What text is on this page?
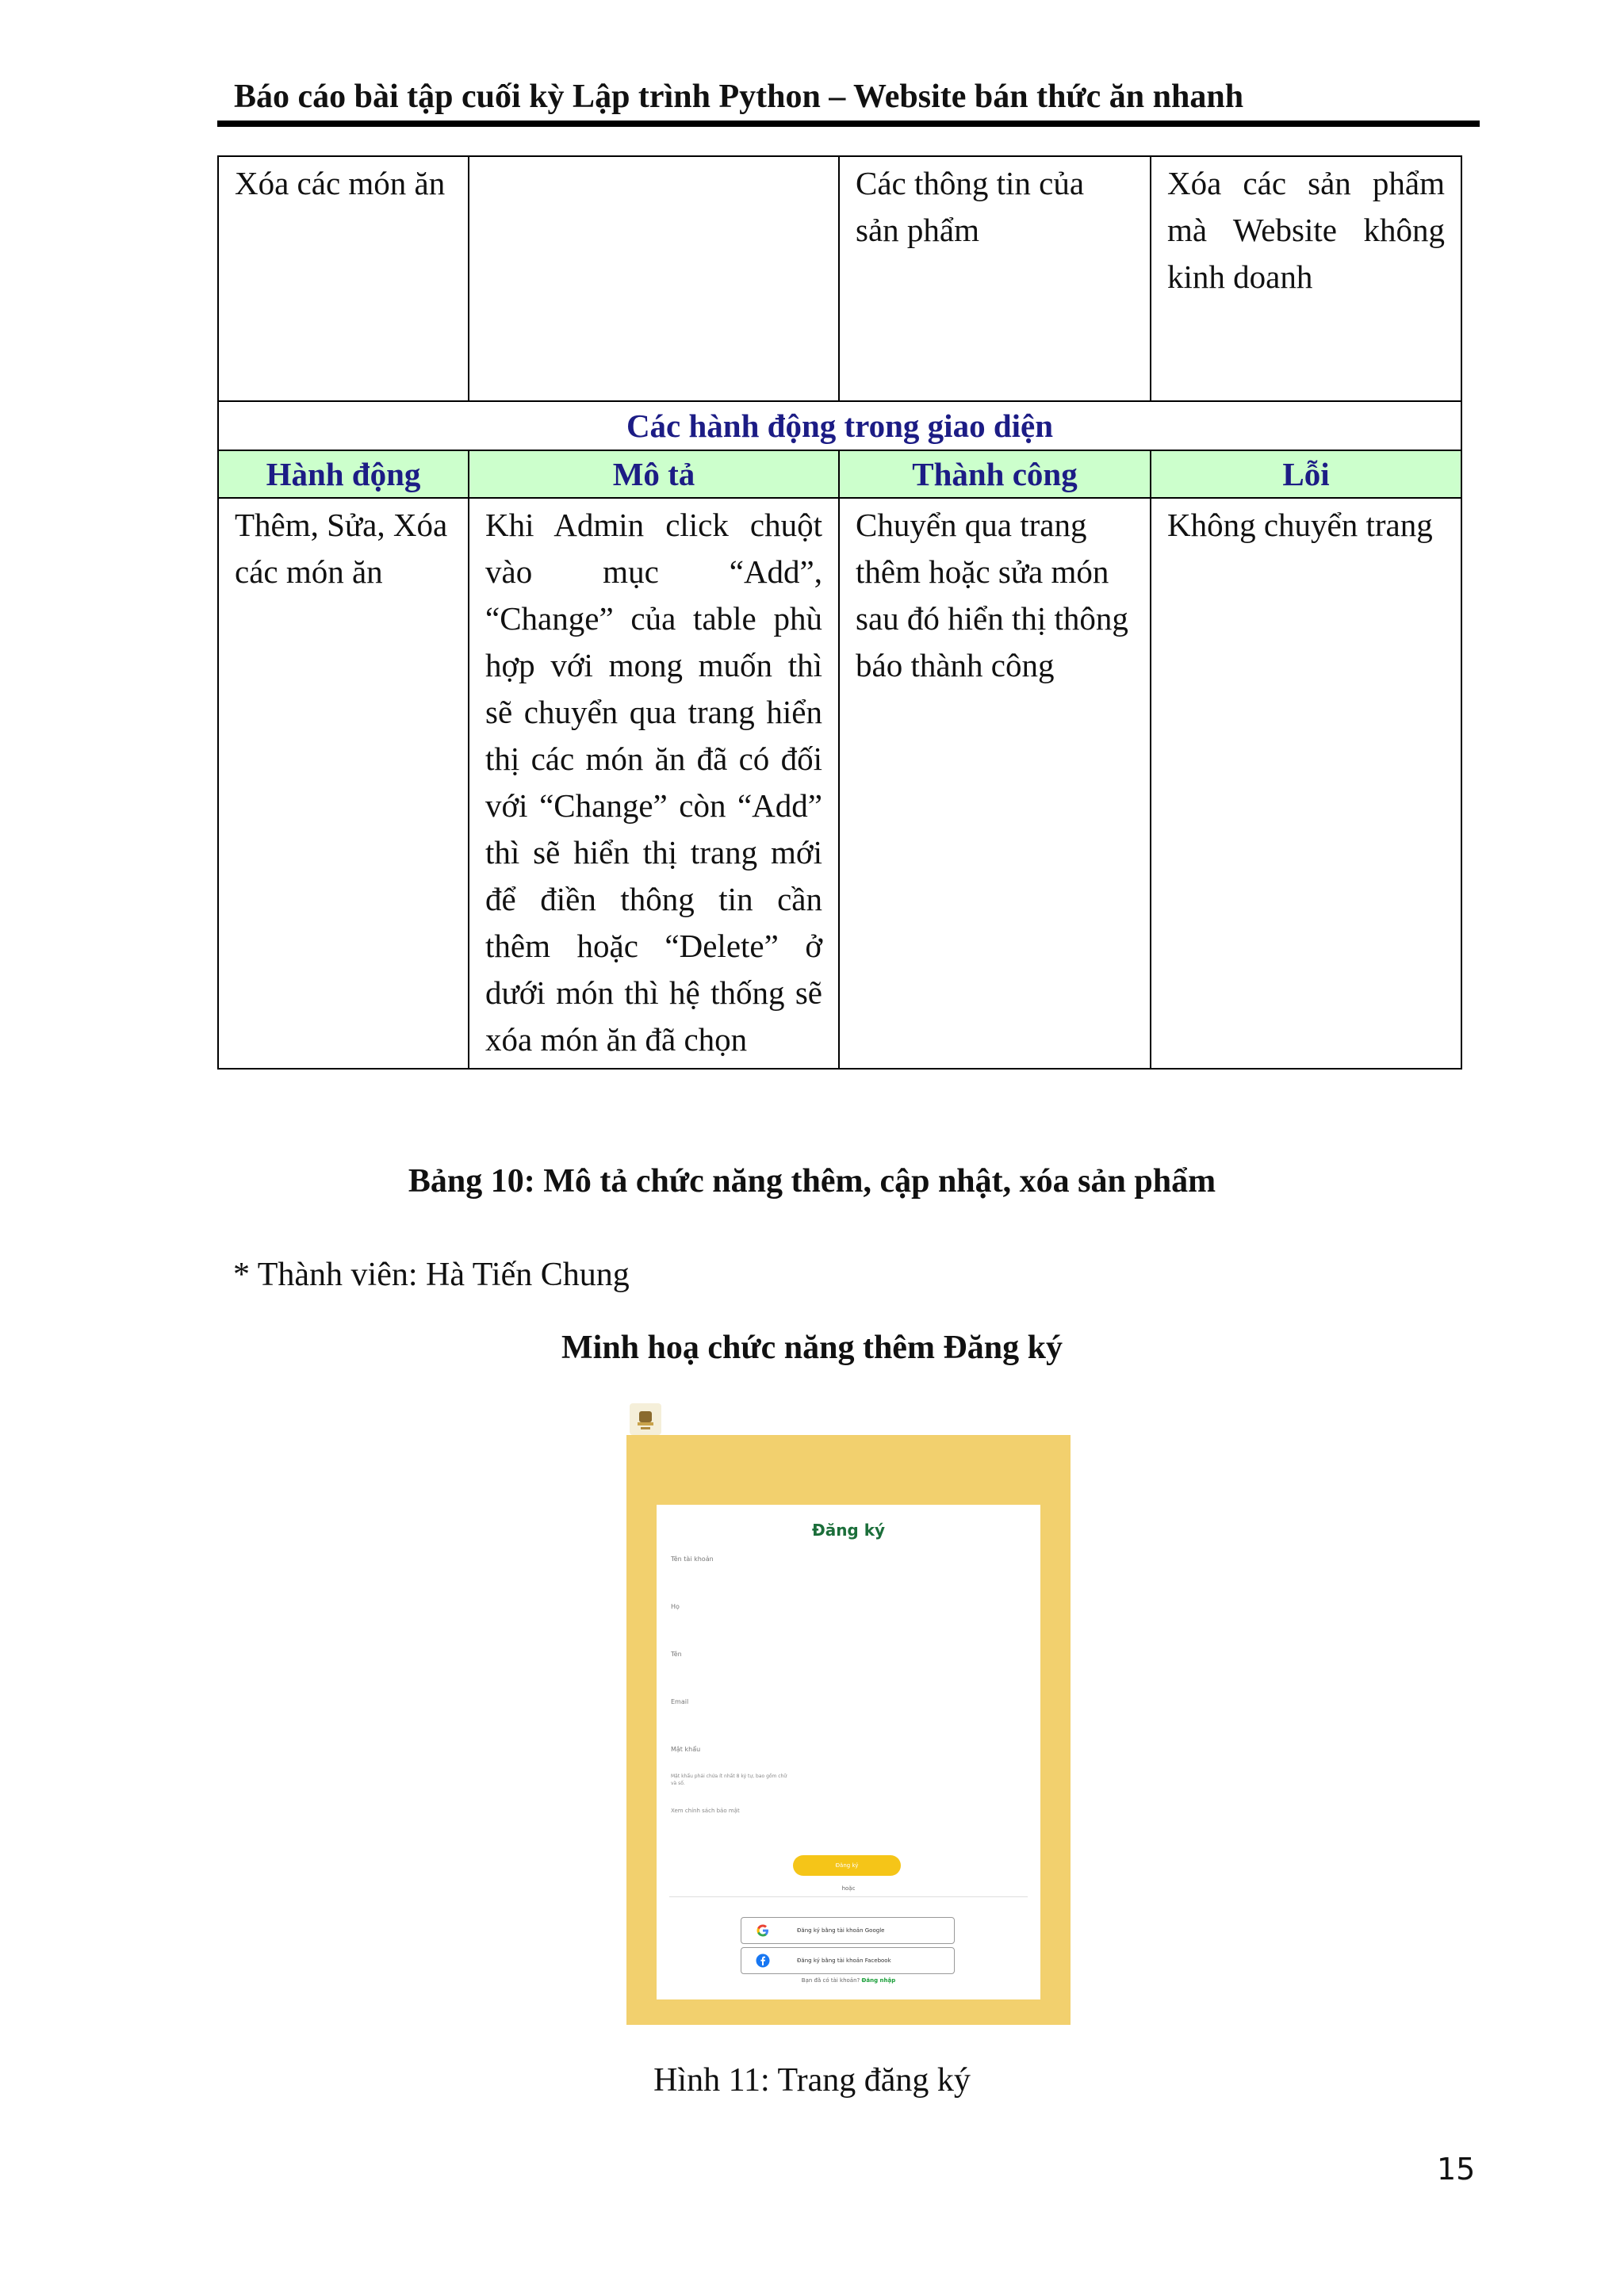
Báo cáo bài tập cuối kỳ Lập trình Python – Website bán thức ăn nhanh
Xóa các món ăn		Các thông tin của sản phẩm	Xóa các sản phẩm mà Website không kinh doanh
Các hành động trong giao diện			
Hành động	Mô tả	Thành công	Lỗi
Thêm, Sửa, Xóa các món ăn	Khi Admin click chuột vào mục “Add”, “Change” của table phù hợp với mong muốn thì sẽ chuyển qua trang hiển thị các món ăn đã có đối với “Change” còn “Add” thì sẽ hiển thị trang mới để điền thông tin cần thêm hoặc “Delete” ở dưới món thì hệ thống sẽ xóa món ăn đã chọn	Chuyển qua trang thêm hoặc sửa món sau đó hiển thị thông báo thành công	Không chuyển trang
Bảng 10: Mô tả chức năng thêm, cập nhật, xóa sản phẩm
* Thành viên: Hà Tiến Chung
Minh hoạ chức năng thêm Đăng ký
Đăng ký
Tên tài khoản
Họ
Tên
Email
Mật khẩu
Mật khẩu phải chứa ít nhất 8 ký tự, bao gồm chữ và số.
Xem chính sách bảo mật
Đăng ký
hoặc
Đăng ký bằng tài khoản Google
Đăng ký bằng tài khoản Facebook
Bạn đã có tài khoản? Đăng nhập
Hình 11: Trang đăng ký
15
